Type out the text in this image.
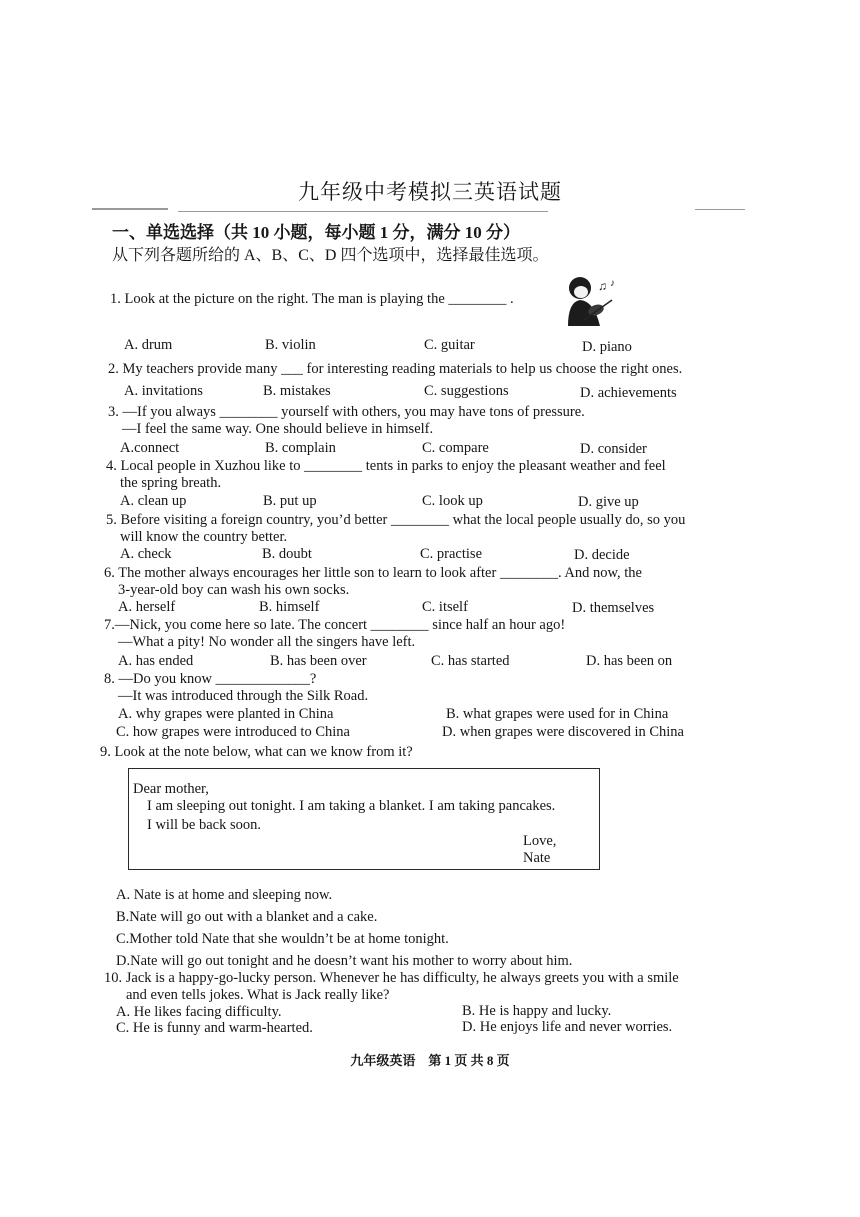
九年级中考模拟三英语试题
一、单选选择（共 10 小题，每小题 1 分，满分 10 分）
从下列各题所给的 A、B、C、D 四个选项中，选择最佳选项。
1. Look at the picture on the right. The man is playing the ________ .
♫ ♪
A. drum	B. violin	C. guitar	D. piano
2. My teachers provide many ___ for interesting reading materials to help us choose the right ones.
A. invitations	B. mistakes	C. suggestions	D. achievements
3. —If you always ________ yourself with others, you may have tons of pressure.
—I feel the same way. One should believe in himself.
A.connect	B. complain	C. compare	D. consider
4. Local people in Xuzhou like to ________ tents in parks to enjoy the pleasant weather and feel
the spring breath.
A. clean up	B. put up	C. look up	D. give up
5. Before visiting a foreign country, you’d better ________ what the local people usually do, so you
will know the country better.
A. check	B. doubt	C. practise	D. decide
6. The mother always encourages her little son to learn to look after ________. And now, the
3-year-old boy can wash his own socks.
A. herself	B. himself	C. itself	D. themselves
7.—Nick, you come here so late. The concert ________ since half an hour ago!
—What a pity! No wonder all the singers have left.
A. has ended	B. has been over	C. has started	D. has been on
8. —Do you know _____________?
—It was introduced through the Silk Road.
A. why grapes were planted in China	B. what grapes were used for in China
C. how grapes were introduced to China	D. when grapes were discovered in China
9. Look at the note below, what can we know from it?
Dear mother,
I am sleeping out tonight. I am taking a blanket. I am taking pancakes.
I will be back soon.
Love,
Nate
A. Nate is at home and sleeping now.
B.Nate will go out with a blanket and a cake.
C.Mother told Nate that she wouldn’t be at home tonight.
D.Nate will go out tonight and he doesn’t want his mother to worry about him.
10. Jack is a happy-go-lucky person. Whenever he has difficulty, he always greets you with a smile
and even tells jokes. What is Jack really like?
A. He likes facing difficulty.	B. He is happy and lucky.
C. He is funny and warm-hearted.	D. He enjoys life and never worries.
九年级英语　第 1 页 共 8 页
